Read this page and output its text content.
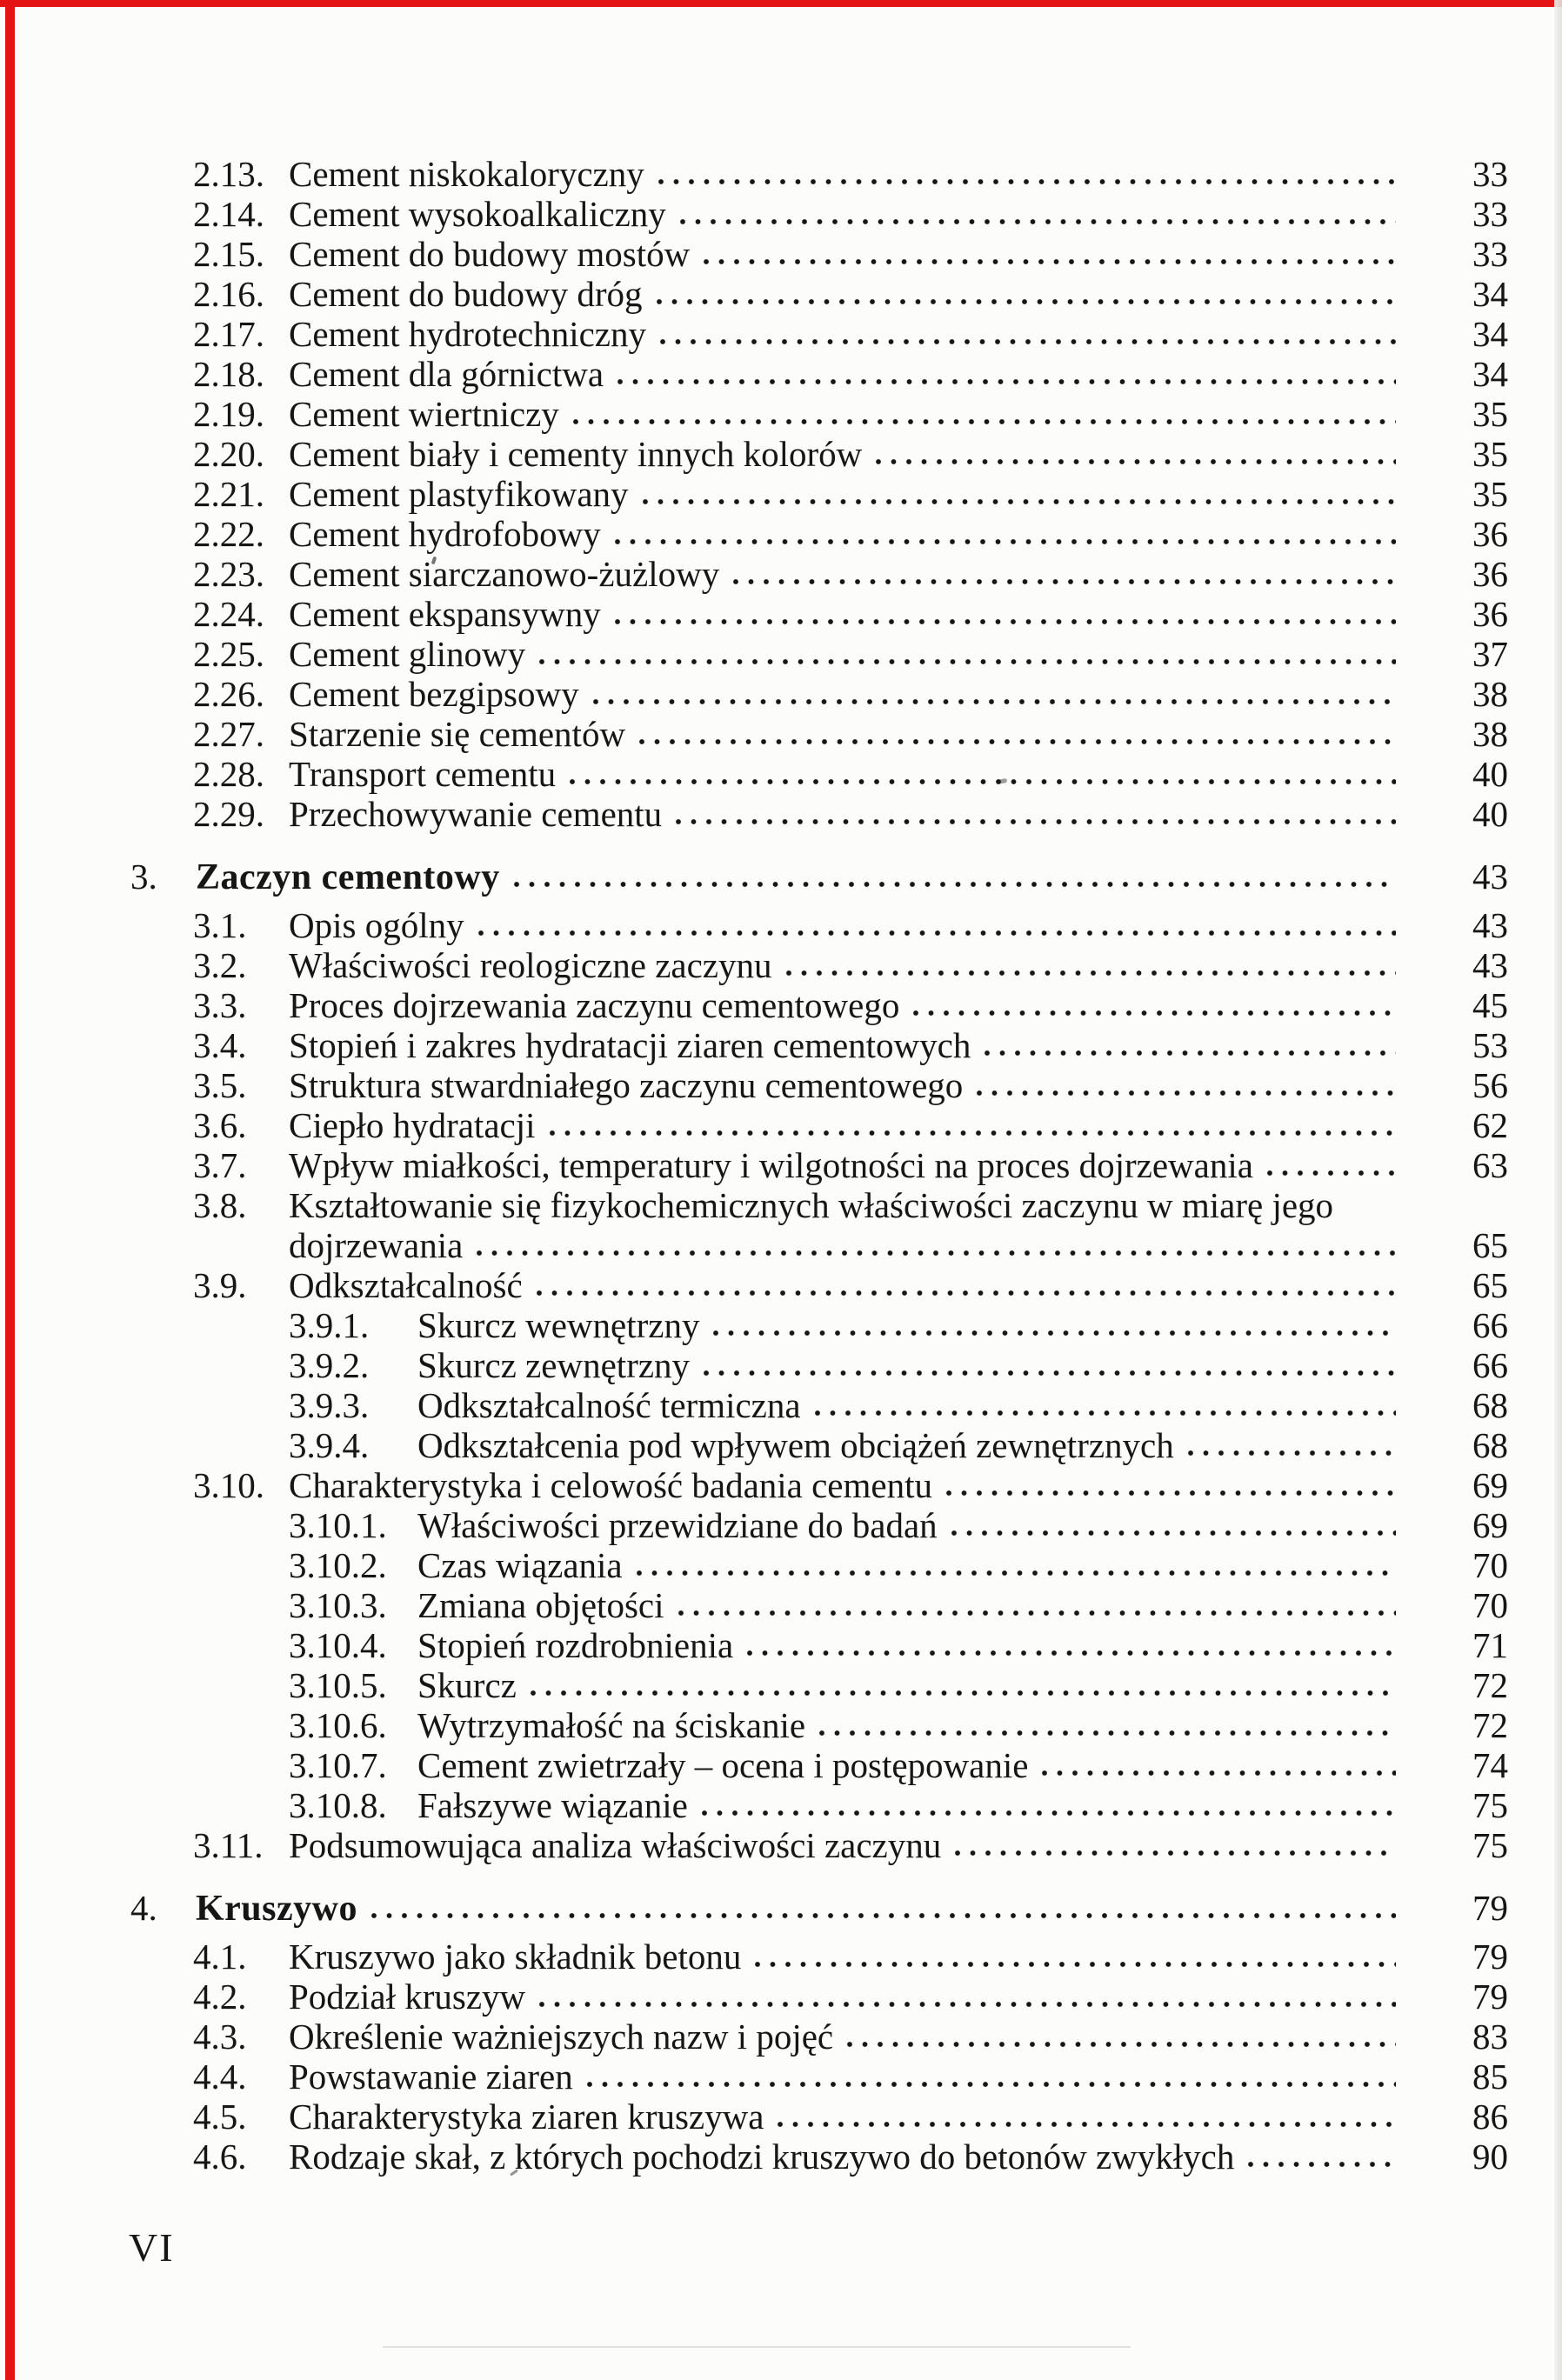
2.13. Cement niskokaloryczny	33
2.14. Cement wysokoalkaliczny	33
2.15. Cement do budowy mostów	33
2.16. Cement do budowy dróg	34
2.17. Cement hydrotechniczny	34
2.18. Cement dla górnictwa	34
2.19. Cement wiertniczy	35
2.20. Cement biały i cementy innych kolorów	35
2.21. Cement plastyfikowany	35
2.22. Cement hydrofobowy	36
2.23. Cement siarczanowo-żużlowy	36
2.24. Cement ekspansywny	36
2.25. Cement glinowy	37
2.26. Cement bezgipsowy	38
2.27. Starzenie się cementów	38
2.28. Transport cementu	40
2.29. Przechowywanie cementu	40
3.	Zaczyn cementowy	43
3.1.	Opis ogólny	43
3.2.	Właściwości reologiczne zaczynu	43
3.3.	Proces dojrzewania zaczynu cementowego	45
3.4.	Stopień i zakres hydratacji ziaren cementowych	53
3.5.	Struktura stwardniałego zaczynu cementowego	56
3.6.	Ciepło hydratacji	62
3.7.	Wpływ miałkości, temperatury i wilgotności na proces dojrzewania	63
3.8.	Kształtowanie się fizykochemicznych właściwości zaczynu w miarę jego
dojrzewania	65
3.9.	Odkształcalność	65
3.9.1.	Skurcz wewnętrzny	66
3.9.2.	Skurcz zewnętrzny	66
3.9.3.	Odkształcalność termiczna	68
3.9.4.	Odkształcenia pod wpływem obciążeń zewnętrznych	68
3.10. Charakterystyka i celowość badania cementu	69
3.10.1. Właściwości przewidziane do badań	69
3.10.2. Czas wiązania	70
3.10.3. Zmiana objętości	70
3.10.4. Stopień rozdrobnienia	71
3.10.5. Skurcz	72
3.10.6. Wytrzymałość na ściskanie	72
3.10.7. Cement zwietrzały – ocena i postępowanie	74
3.10.8. Fałszywe wiązanie	75
3.11. Podsumowująca analiza właściwości zaczynu	75
4.	Kruszywo	79
4.1.	Kruszywo jako składnik betonu	79
4.2.	Podział kruszyw	79
4.3.	Określenie ważniejszych nazw i pojęć	83
4.4.	Powstawanie ziaren	85
4.5.	Charakterystyka ziaren kruszywa	86
4.6.	Rodzaje skał, z których pochodzi kruszywo do betonów zwykłych	90
VI
